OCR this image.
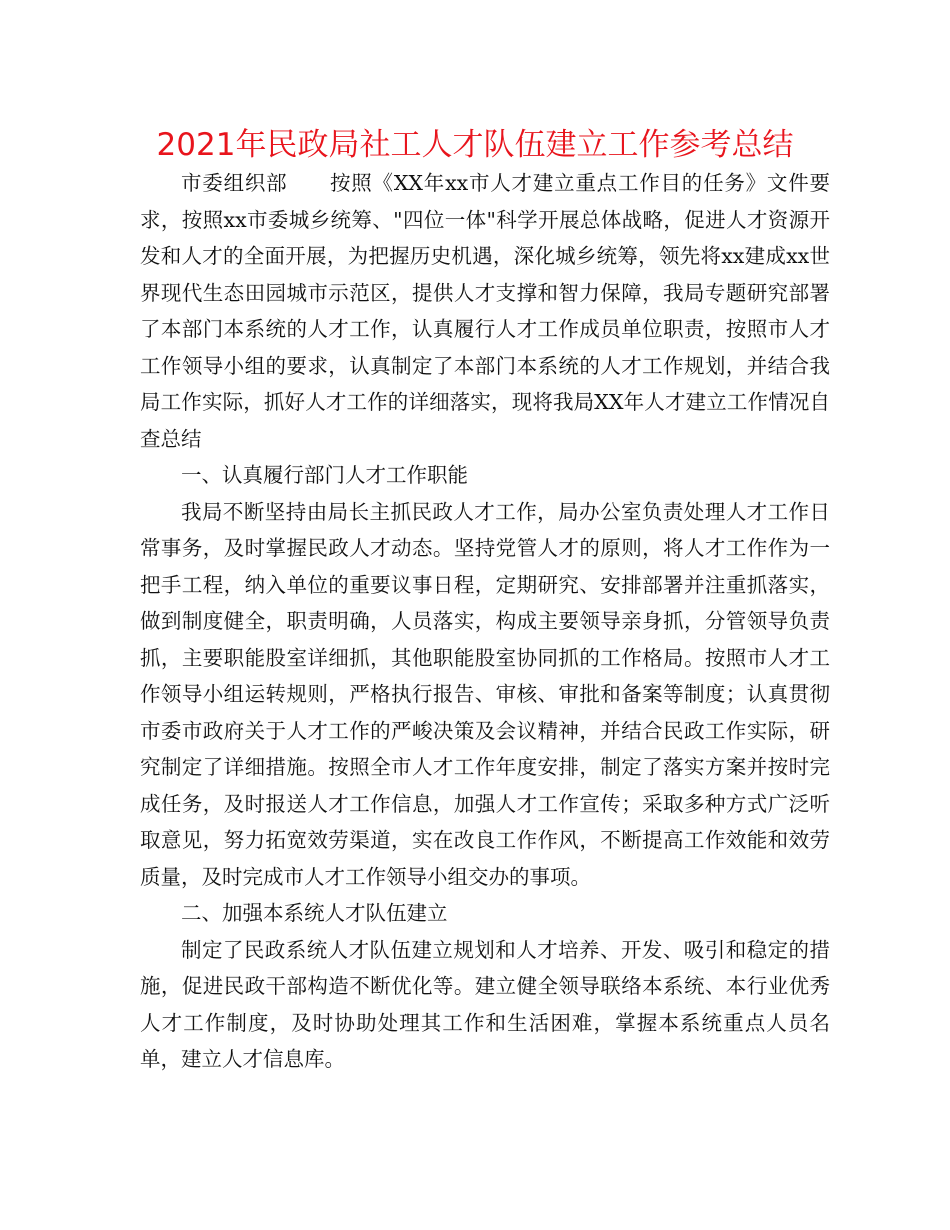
2021年民政局社工人才队伍建立工作参考总结

市委组织部　　按照《XX年xx市人才建立重点工作目的任务》文件要求，按照xx市委城乡统筹、"四位一体"科学开展总体战略，促进人才资源开发和人才的全面开展，为把握历史机遇，深化城乡统筹，领先将xx建成xx世界现代生态田园城市示范区，提供人才支撑和智力保障，我局专题研究部署了本部门本系统的人才工作，认真履行人才工作成员单位职责，按照市人才工作领导小组的要求，认真制定了本部门本系统的人才工作规划，并结合我局工作实际，抓好人才工作的详细落实，现将我局XX年人才建立工作情况自查总结

一、认真履行部门人才工作职能

我局不断坚持由局长主抓民政人才工作，局办公室负责处理人才工作日常事务，及时掌握民政人才动态。坚持党管人才的原则，将人才工作作为一把手工程，纳入单位的重要议事日程，定期研究、安排部署并注重抓落实，做到制度健全，职责明确，人员落实，构成主要领导亲身抓，分管领导负责抓，主要职能股室详细抓，其他职能股室协同抓的工作格局。按照市人才工作领导小组运转规则，严格执行报告、审核、审批和备案等制度；认真贯彻市委市政府关于人才工作的严峻决策及会议精神，并结合民政工作实际，研究制定了详细措施。按照全市人才工作年度安排，制定了落实方案并按时完成任务，及时报送人才工作信息，加强人才工作宣传；采取多种方式广泛听取意见，努力拓宽效劳渠道，实在改良工作作风，不断提高工作效能和效劳质量，及时完成市人才工作领导小组交办的事项。

二、加强本系统人才队伍建立

制定了民政系统人才队伍建立规划和人才培养、开发、吸引和稳定的措施，促进民政干部构造不断优化等。建立健全领导联络本系统、本行业优秀人才工作制度，及时协助处理其工作和生活困难，掌握本系统重点人员名单，建立人才信息库。
